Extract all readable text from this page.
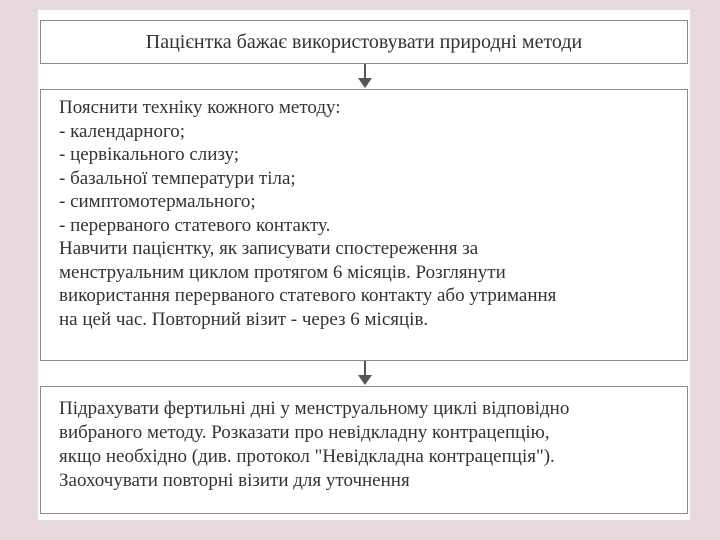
Пацієнтка бажає використовувати природні методи
Пояснити техніку кожного методу:
- календарного;
- цервікального слизу;
- базальної температури тіла;
- симптомотермального;
- перерваного статевого контакту.
Навчити пацієнтку, як записувати спостереження за
менструальним циклом протягом 6 місяців. Розглянути
використання перерваного статевого контакту або утримання
на цей час. Повторний візит - через 6 місяців.
Підрахувати фертильні дні у менструальному циклі відповідно
вибраного методу. Розказати про невідкладну контрацепцію,
якщо необхідно (див. протокол "Невідкладна контрацепція").
Заохочувати повторні візити для уточнення
